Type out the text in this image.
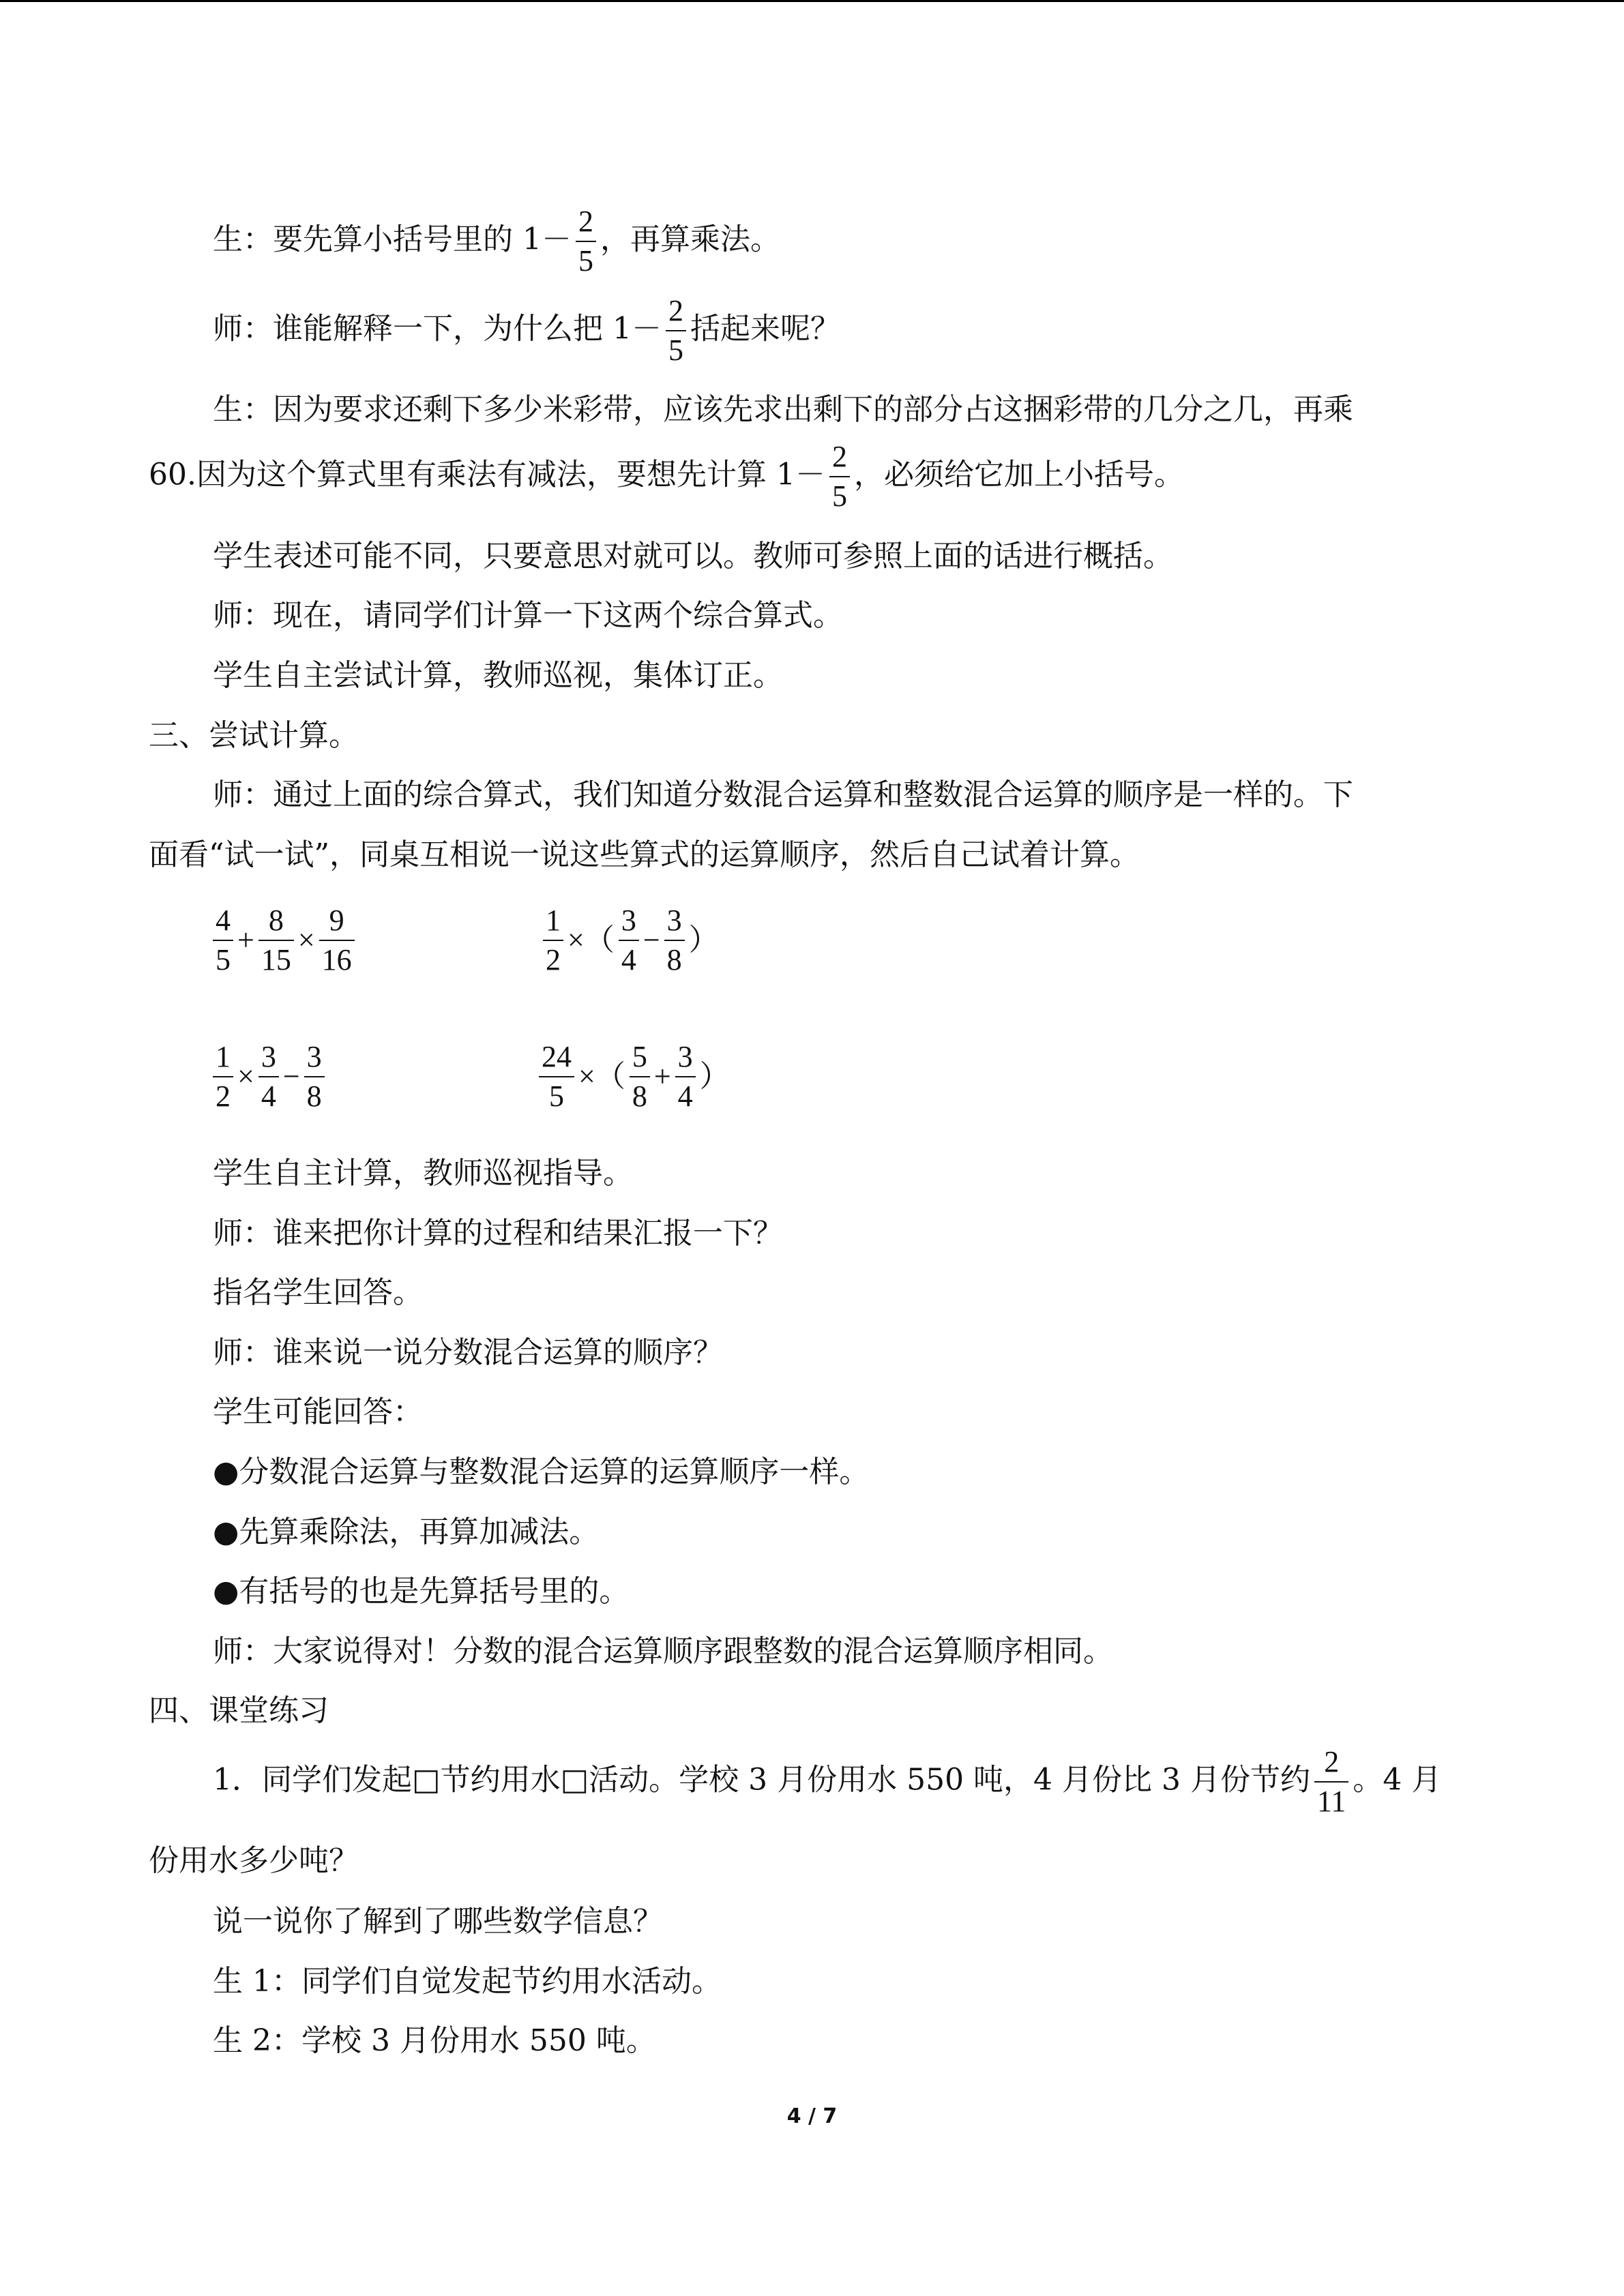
生：要先算小括号里的 $1- \frac{2}{5}$ ，再算乘法。
师：谁能解释一下，为什么把 $1- \frac{2}{5}$ 括起来呢？
生：因为要求还剩下多少米彩带，应该先求出剩下的部分占这捆彩带的几分之几，再乘
60.因为这个算式里有乘法有减法，要想先计算 $1- \frac{2}{5}$ ，必须给它加上小括号。
学生表述可能不同，只要意思对就可以。教师可参照上面的话进行概括。
师：现在，请同学们计算一下这两个综合算式。
学生自主尝试计算，教师巡视，集体订正。
三、尝试计算。
师：通过上面的综合算式，我们知道分数混合运算和整数混合运算的顺序是一样的。下
面看“试一试”，同桌互相说一说这些算式的运算顺序，然后自己试着计算。
$\frac{4}{5} + \frac{8}{15} \times \frac{9}{16}$	$\frac{1}{2}$ ×（ $\frac{3}{4} - \frac{3}{8}$ ）
$\frac{1}{2} \times \frac{3}{4} - \frac{3}{8}$	$\frac{24}{5}$ ×（ $\frac{5}{8} + \frac{3}{4}$ ）
学生自主计算，教师巡视指导。
师：谁来把你计算的过程和结果汇报一下？
指名学生回答。
师：谁来说一说分数混合运算的顺序？
学生可能回答：
●分数混合运算与整数混合运算的运算顺序一样。
●先算乘除法，再算加减法。
●有括号的也是先算括号里的。
师：大家说得对！分数的混合运算顺序跟整数的混合运算顺序相同。
四、课堂练习
1．同学们发起□节约用水□活动。学校 3 月份用水 550 吨，4 月份比 3 月份节约 $\frac{2}{11}$ 。4 月
份用水多少吨？
说一说你了解到了哪些数学信息？
生 1：同学们自觉发起节约用水活动。
生 2：学校 3 月份用水 550 吨。
4 / 7
